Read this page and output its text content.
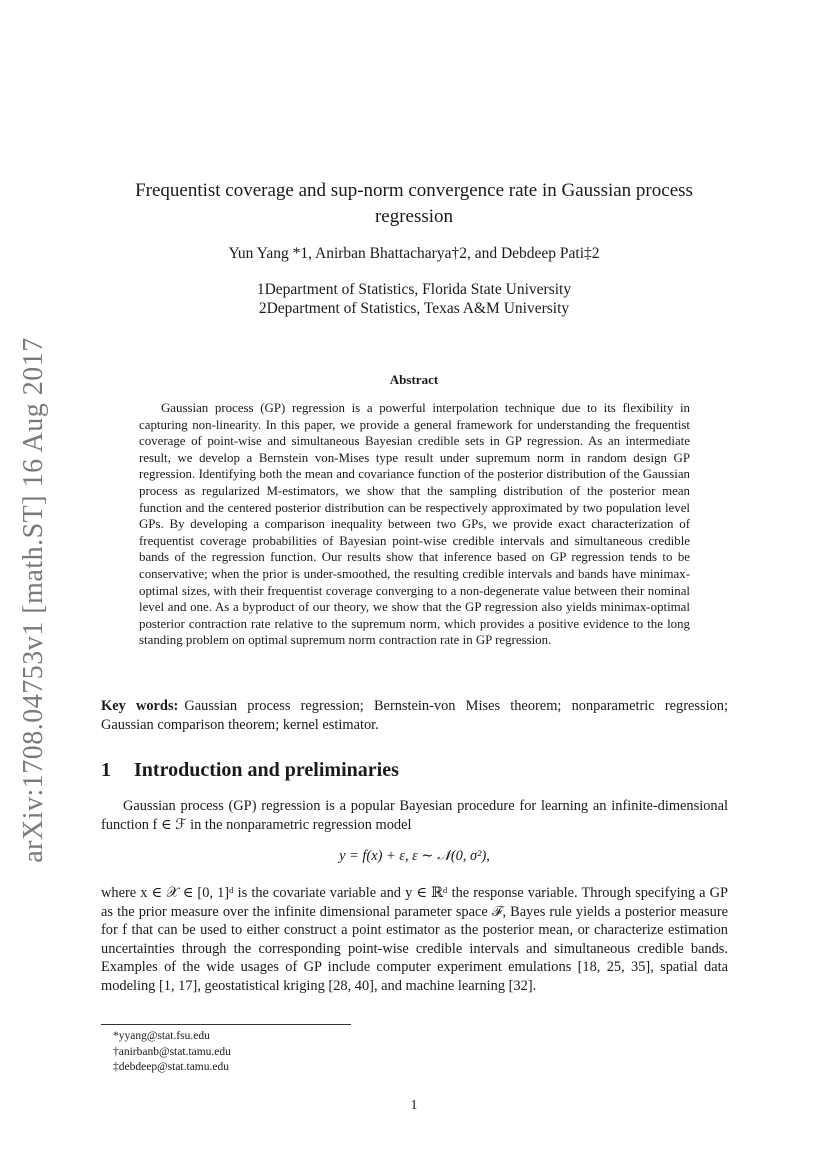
arXiv:1708.04753v1 [math.ST] 16 Aug 2017
Frequentist coverage and sup-norm convergence rate in Gaussian process regression
Yun Yang *1, Anirban Bhattacharya†2, and Debdeep Pati‡2
1Department of Statistics, Florida State University
2Department of Statistics, Texas A&M University
Abstract

Gaussian process (GP) regression is a powerful interpolation technique due to its flexibility in capturing non-linearity. In this paper, we provide a general framework for understanding the frequentist coverage of point-wise and simultaneous Bayesian credible sets in GP regression. As an intermediate result, we develop a Bernstein von-Mises type result under supremum norm in random design GP regression. Identifying both the mean and covariance function of the posterior distribution of the Gaussian process as regularized M-estimators, we show that the sampling distribution of the posterior mean function and the centered posterior distribution can be respectively approximated by two population level GPs. By developing a comparison inequality between two GPs, we provide exact characterization of frequentist coverage probabilities of Bayesian point-wise credible intervals and simultaneous credible bands of the regression function. Our results show that inference based on GP regression tends to be conservative; when the prior is under-smoothed, the resulting credible intervals and bands have minimax-optimal sizes, with their frequentist coverage converging to a non-degenerate value between their nominal level and one. As a byproduct of our theory, we show that the GP regression also yields minimax-optimal posterior contraction rate relative to the supremum norm, which provides a positive evidence to the long standing problem on optimal supremum norm contraction rate in GP regression.

Key words: Gaussian process regression; Bernstein-von Mises theorem; nonparametric regression; Gaussian comparison theorem; kernel estimator.

1 Introduction and preliminaries

Gaussian process (GP) regression is a popular Bayesian procedure for learning an infinite-dimensional function f ∈ ℱ in the nonparametric regression model

y = f(x) + ε, ε ∼ 𝒩(0, σ²),

where x ∈ 𝒳 ∈ [0, 1]ᵈ is the covariate variable and y ∈ ℝᵈ the response variable. Through specifying a GP as the prior measure over the infinite dimensional parameter space ℱ, Bayes rule yields a posterior measure for f that can be used to either construct a point estimator as the posterior mean, or characterize estimation uncertainties through the corresponding point-wise credible intervals and simultaneous credible bands. Examples of the wide usages of GP include computer experiment emulations [18, 25, 35], spatial data modeling [1, 17], geostatistical kriging [28, 40], and machine learning [32].

*yyang@stat.fsu.edu
†anirbanb@stat.tamu.edu
‡debdeep@stat.tamu.edu
1
